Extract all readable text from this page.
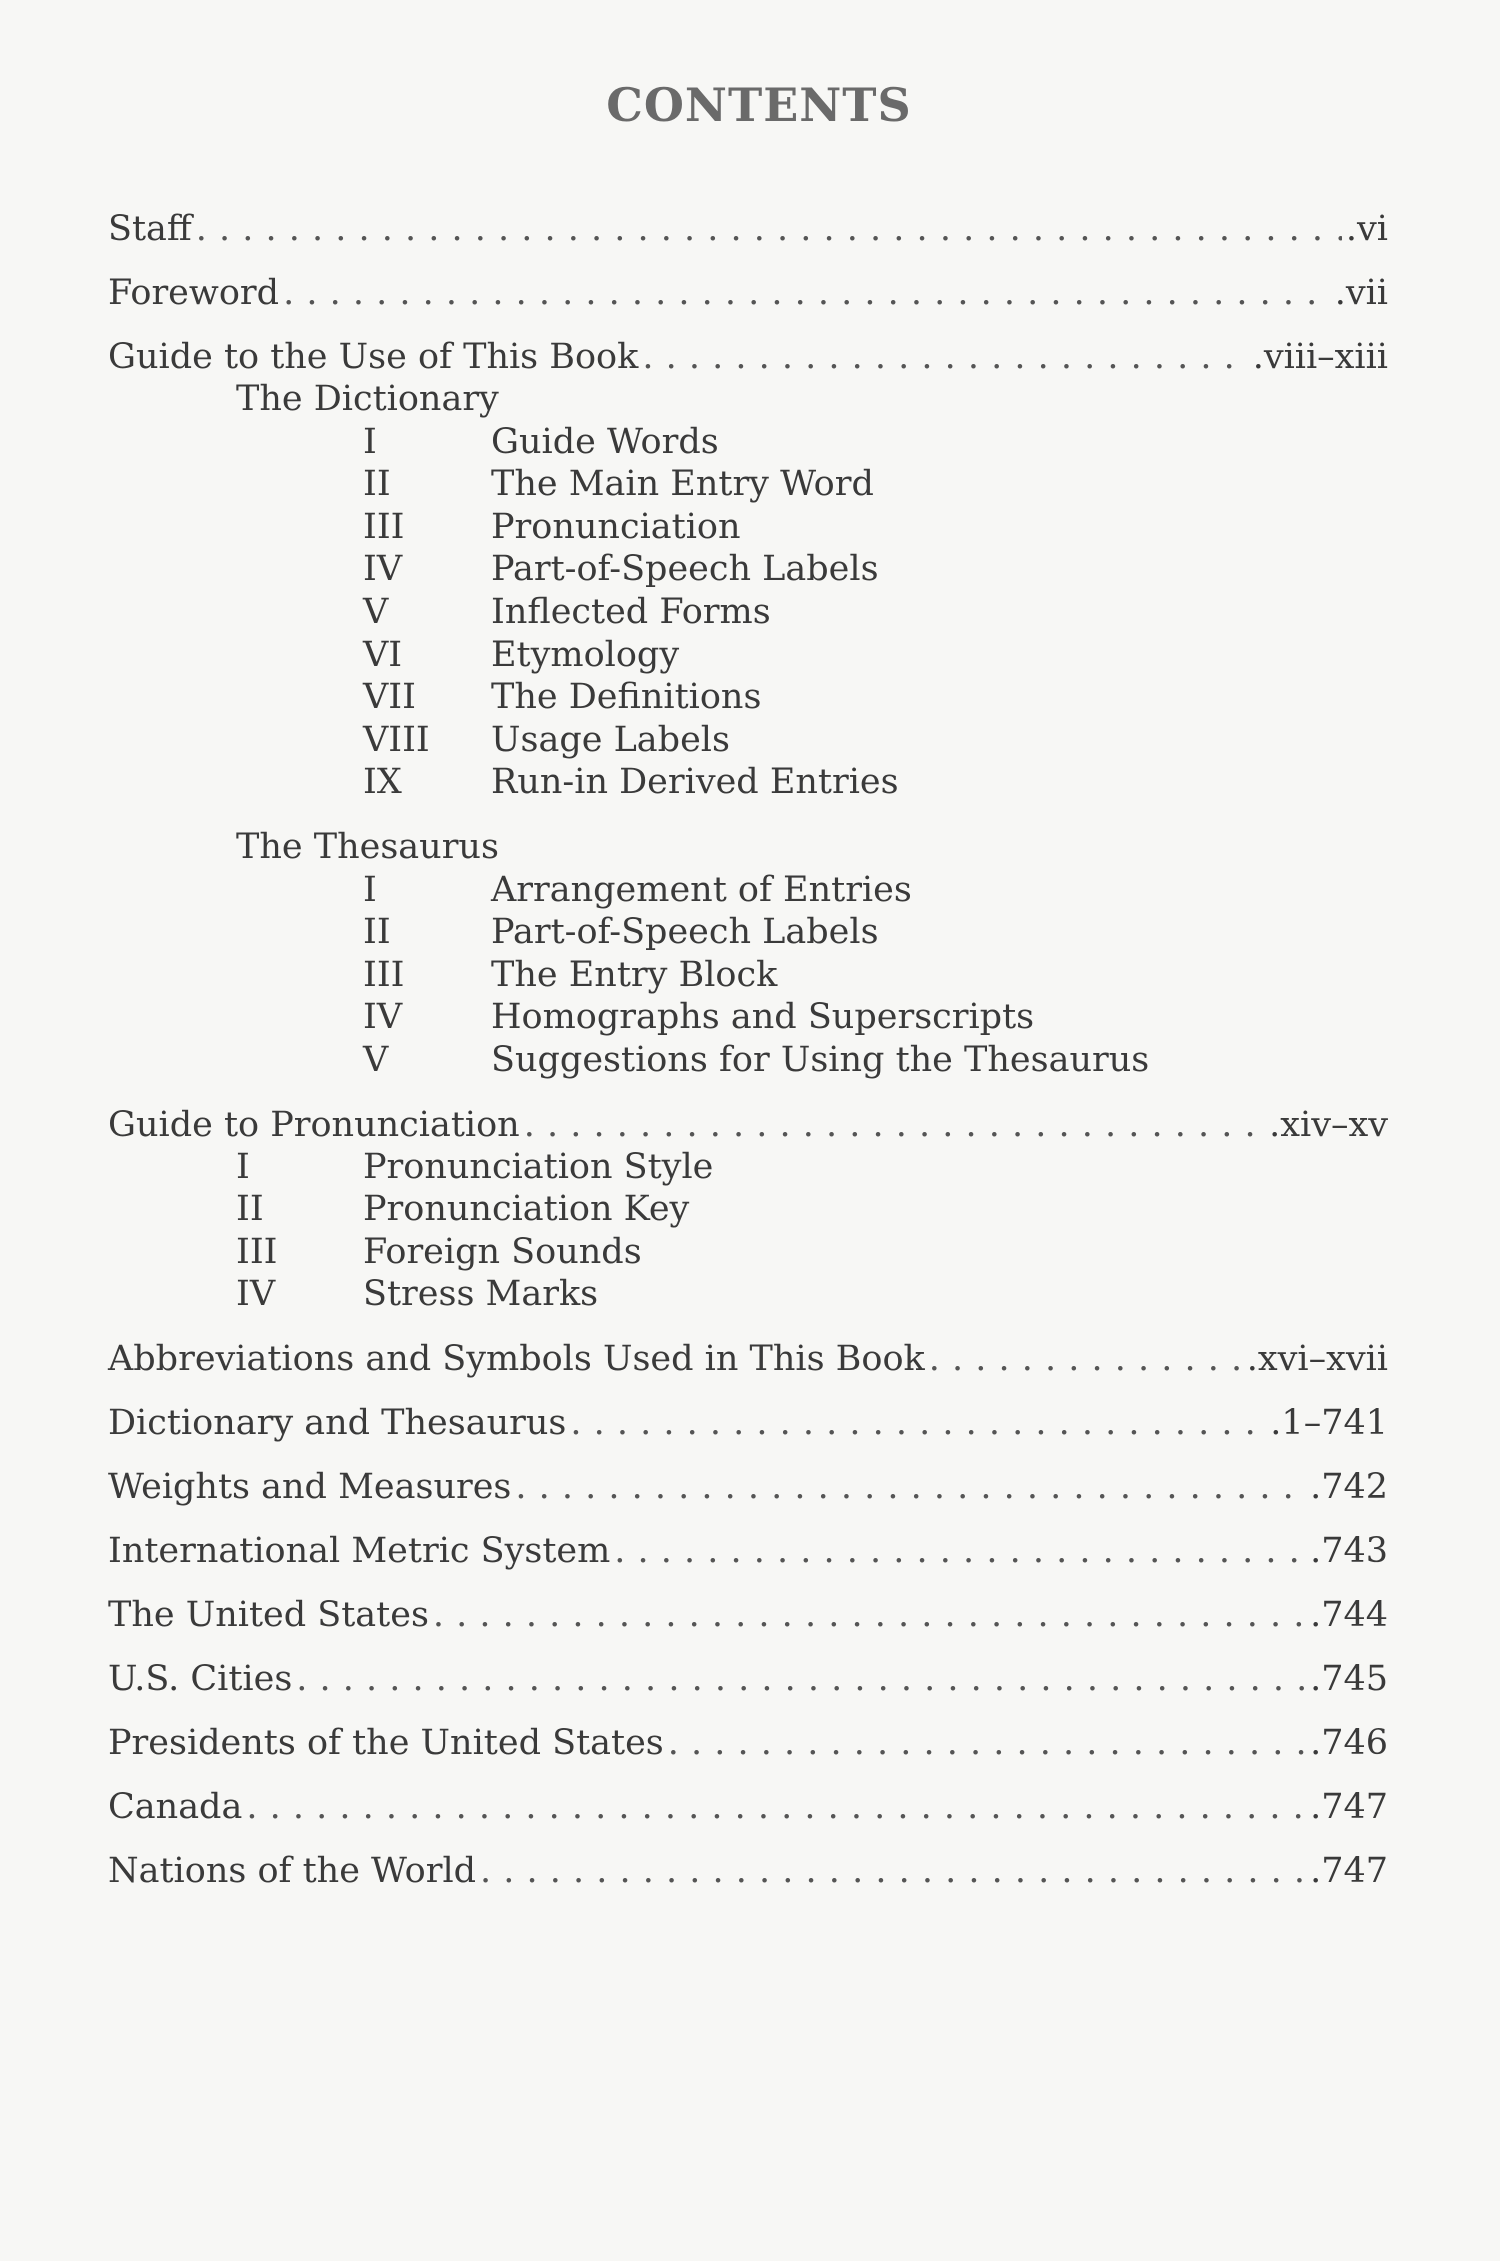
CONTENTS
Staff . . .	.vi
Foreword . . .	.vii
Guide to the Use of This Book . . .	.viii–xiii
The Dictionary
I	Guide Words
II	The Main Entry Word
III Pronunciation
IV	Part-of-Speech Labels
V	Inflected Forms
VI	Etymology
VII The Definitions
VIII Usage Labels
IX	Run-in Derived Entries
The Thesaurus
I	Arrangement of Entries
II	Part-of-Speech Labels
III The Entry Block
IV	Homographs and Superscripts
V	Suggestions for Using the Thesaurus
Guide to Pronunciation . . .	.xiv–xv
I	Pronunciation Style
II	Pronunciation Key
III Foreign Sounds
IV	Stress Marks
Abbreviations and Symbols Used in This Book . . .	.xvi–xvii
Dictionary and Thesaurus . . .	.1–741
Weights and Measures . . .	.742
International Metric System . . .	.743
The United States . . .	.744
U.S. Cities . . .	.745
Presidents of the United States . . .	.746
Canada . . .	.747
Nations of the World . . .	.747
